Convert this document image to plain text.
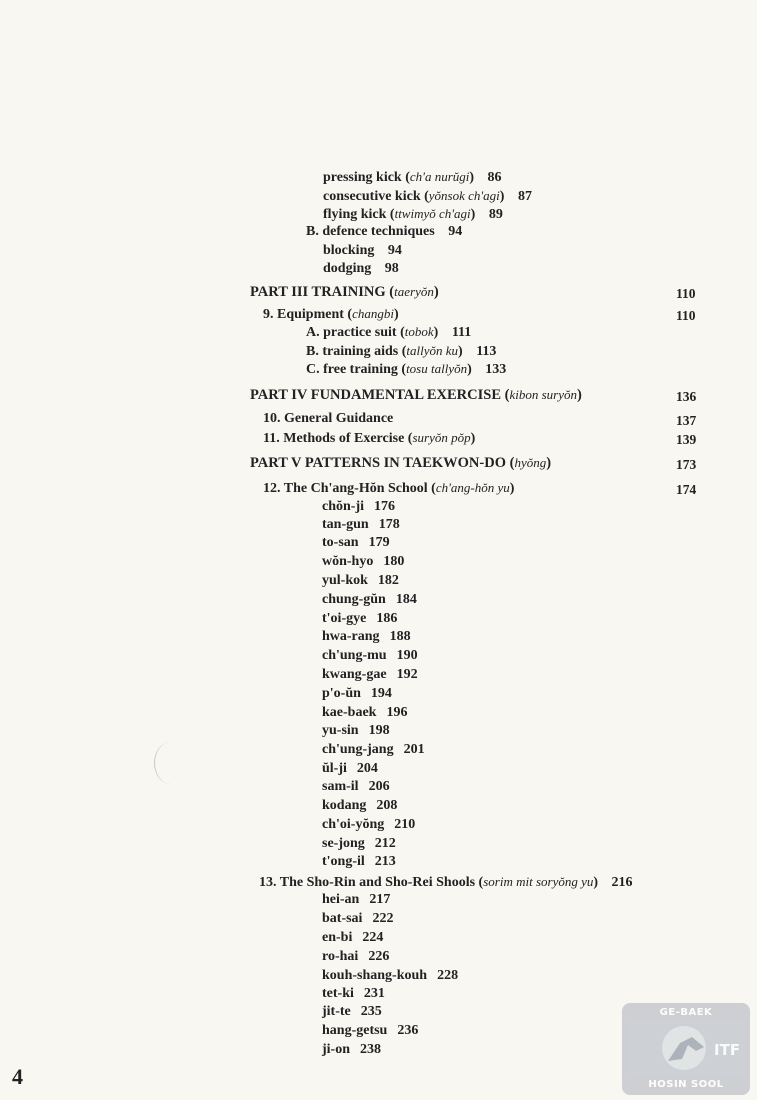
pressing kick (ch'a nurŭgi) 86
consecutive kick (yŏnsok ch'agi) 87
flying kick (ttwimyŏ ch'agi) 89
B. defence techniques 94
blocking 94
dodging 98
PART III TRAINING (taeryŏn)	110
9. Equipment (changbi)	110
A. practice suit (tobok) 111
B. training aids (tallyŏn ku) 113
C. free training (tosu tallyŏn) 133
PART IV FUNDAMENTAL EXERCISE (kibon suryŏn)	136
10. General Guidance	137
11. Methods of Exercise (suryŏn pŏp)	139
PART V PATTERNS IN TAEKWON-DO (hyŏng)	173
12. The Ch'ang-Hŏn School (ch'ang-hŏn yu)	174
chŏn-ji 176
tan-gun 178
to-san 179
wŏn-hyo 180
yul-kok 182
chung-gŭn 184
t'oi-gye 186
hwa-rang 188
ch'ung-mu 190
kwang-gae 192
p'o-ŭn 194
kae-baek 196
yu-sin 198
ch'ung-jang 201
ŭl-ji 204
sam-il 206
kodang 208
ch'oi-yŏng 210
se-jong 212
t'ong-il 213
13. The Sho-Rin and Sho-Rei Shools (sorim mit soryŏng yu) 216
hei-an 217
bat-sai 222
en-bi 224
ro-hai 226
kouh-shang-kouh 228
tet-ki 231
jit-te 235
hang-getsu 236
ji-on 238
4
ITF
GE-BAEK
HOSIN SOOL
